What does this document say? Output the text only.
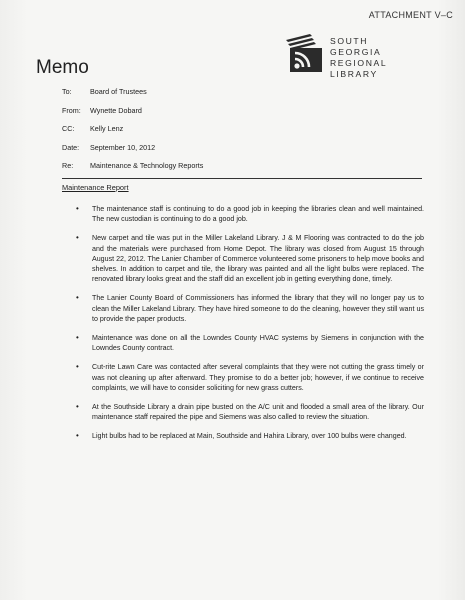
ATTACHMENT V–C
SOUTH
GEORGIA
REGIONAL
LIBRARY
Memo
To:	Board of Trustees
From: Wynette Dobard
CC: Kelly Lenz
Date: September 10, 2012
Re: Maintenance & Technology Reports
Maintenance Report
• The maintenance staff is continuing to do a good job in keeping the libraries clean and well maintained. The new custodian is continuing to do a good job.
• New carpet and tile was put in the Miller Lakeland Library. J & M Flooring was contracted to do the job and the materials were purchased from Home Depot. The library was closed from August 15 through August 22, 2012. The Lanier Chamber of Commerce volunteered some prisoners to help move books and shelves. In addition to carpet and tile, the library was painted and all the light bulbs were replaced. The renovated library looks great and the staff did an excellent job in getting everything done, timely.
• The Lanier County Board of Commissioners has informed the library that they will no longer pay us to clean the Miller Lakeland Library. They have hired someone to do the cleaning, however they still want us to provide the paper products.
• Maintenance was done on all the Lowndes County HVAC systems by Siemens in conjunction with the Lowndes County contract.
• Cut-rite Lawn Care was contacted after several complaints that they were not cutting the grass timely or was not cleaning up after afterward. They promise to do a better job; however, if we continue to receive complaints, we will have to consider soliciting for new grass cutters.
• At the Southside Library a drain pipe busted on the A/C unit and flooded a small area of the library. Our maintenance staff repaired the pipe and Siemens was also called to review the situation.
• Light bulbs had to be replaced at Main, Southside and Hahira Library, over 100 bulbs were changed.
